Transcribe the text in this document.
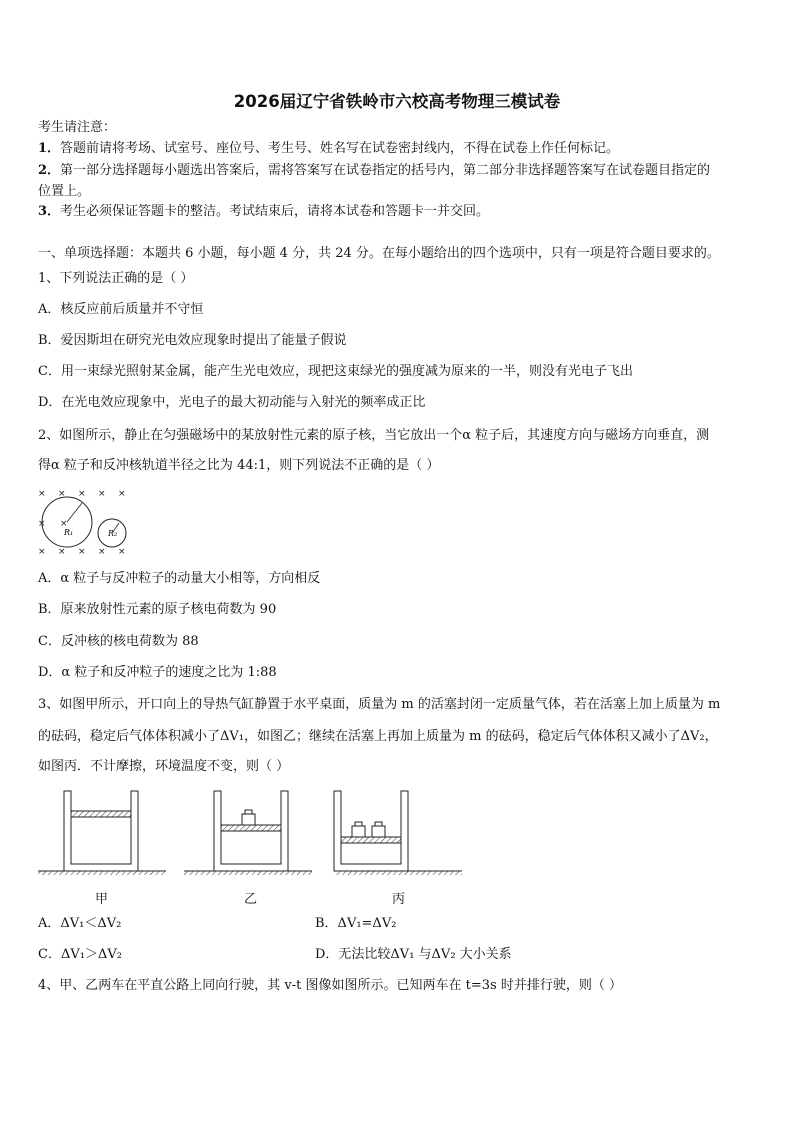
2026届辽宁省铁岭市六校高考物理三模试卷
考生请注意：
1．答题前请将考场、试室号、座位号、考生号、姓名写在试卷密封线内，不得在试卷上作任何标记。
2．第一部分选择题每小题选出答案后，需将答案写在试卷指定的括号内，第二部分非选择题答案写在试卷题目指定的
位置上。
3．考生必须保证答题卡的整洁。考试结束后，请将本试卷和答题卡一并交回。
一、单项选择题：本题共 6 小题，每小题 4 分，共 24 分。在每小题给出的四个选项中，只有一项是符合题目要求的。
1、下列说法正确的是（ ）
A．核反应前后质量并不守恒
B．爱因斯坦在研究光电效应现象时提出了能量子假说
C．用一束绿光照射某金属，能产生光电效应，现把这束绿光的强度减为原来的一半，则没有光电子飞出
D．在光电效应现象中，光电子的最大初动能与入射光的频率成正比
2、如图所示，静止在匀强磁场中的某放射性元素的原子核，当它放出一个α 粒子后，其速度方向与磁场方向垂直，测
得α 粒子和反冲核轨道半径之比为 44:1，则下列说法不正确的是（ ）
× × × × ×
× ×
× × × × ×
R₁	R₂
A．α 粒子与反冲粒子的动量大小相等，方向相反
B．原来放射性元素的原子核电荷数为 90
C．反冲核的核电荷数为 88
D．α 粒子和反冲粒子的速度之比为 1:88
3、如图甲所示，开口向上的导热气缸静置于水平桌面，质量为 m 的活塞封闭一定质量气体，若在活塞上加上质量为 m
的砝码，稳定后气体体积减小了ΔV₁，如图乙；继续在活塞上再加上质量为 m 的砝码，稳定后气体体积又减小了ΔV₂，
如图丙．不计摩擦，环境温度不变，则（ ）
甲	乙	丙
A．ΔV₁＜ΔV₂	B．ΔV₁=ΔV₂
C．ΔV₁＞ΔV₂	D．无法比较ΔV₁ 与ΔV₂ 大小关系
4、甲、乙两车在平直公路上同向行驶，其 v-t 图像如图所示。已知两车在 t=3s 时并排行驶，则（ ）
